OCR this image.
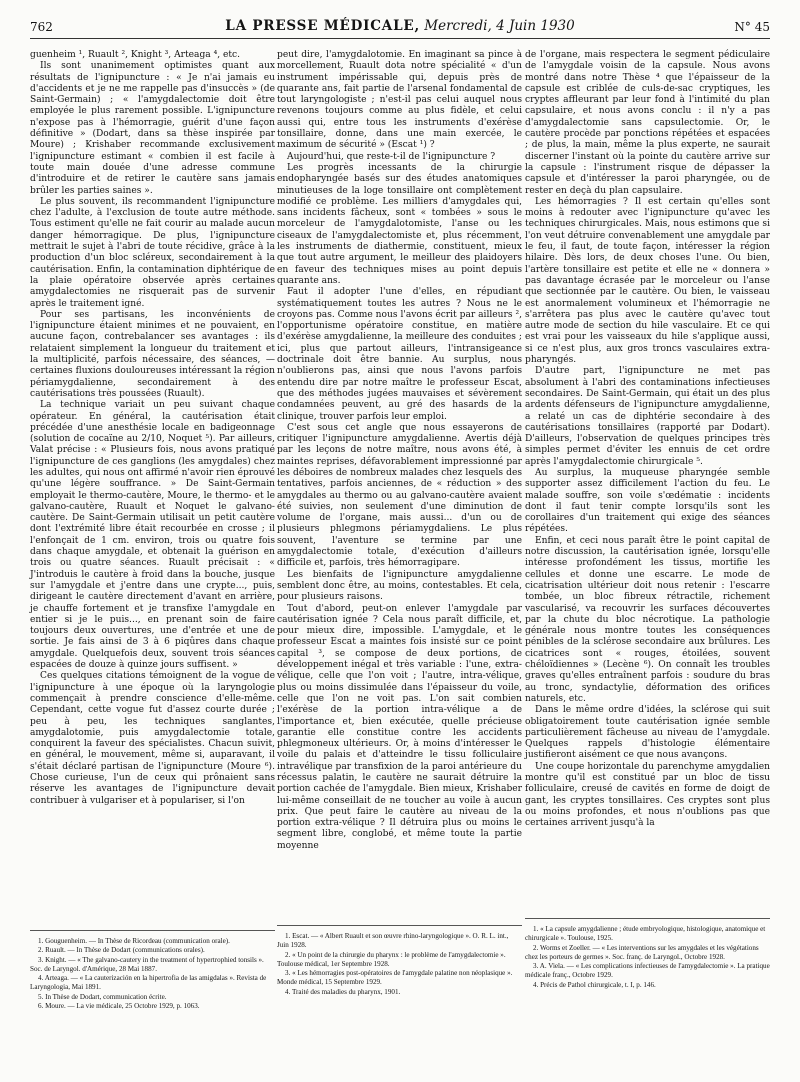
762	LA PRESSE MÉDICALE, Mercredi, 4 Juin 1930	N° 45

guenheim ¹, Ruault ², Knight ³, Arteaga ⁴, etc.

Ils sont unanimement optimistes quant aux résultats de l'ignipuncture : « Je n'ai jamais eu d'accidents et je ne me rappelle pas d'insuccès » (de Saint-Germain) ; « l'amygdalectomie doit être employée le plus rarement possible. L'ignipuncture n'expose pas à l'hémorragie, guérit d'une façon définitive » (Dodart, dans sa thèse inspirée par Moure) ; Krishaber recommande exclusivement l'ignipuncture estimant « combien il est facile à toute main douée d'une adresse commune d'introduire et de retirer le cautère sans jamais brûler les parties saines ».

Le plus souvent, ils recommandent l'ignipuncture chez l'adulte, à l'exclusion de toute autre méthode. Tous estiment qu'elle ne fait courir au malade aucun danger hémorragique. De plus, l'ignipuncture mettrait le sujet à l'abri de toute récidive, grâce à la production d'un bloc scléreux, secondairement à la cautérisation. Enfin, la contamination diphtérique de la plaie opératoire observée après certaines amygdalectomies ne risquerait pas de survenir après le traitement igné.

Pour ses partisans, les inconvénients de l'ignipuncture étaient minimes et ne pouvaient, en aucune façon, contrebalancer ses avantages : ils relataient simplement la longueur du traitement et la multiplicité, parfois nécessaire, des séances, — certaines fluxions douloureuses intéressant la région périamygdalienne, secondairement à des cautérisations très poussées (Ruault).

La technique variait un peu suivant chaque opérateur. En général, la cautérisation était précédée d'une anesthésie locale en badigeonnage (solution de cocaïne au 2/10, Noquet ⁵). Par ailleurs, Valat précise : « Plusieurs fois, nous avons pratiqué l'ignipuncture de ces ganglions (les amygdales) chez les adultes, qui nous ont affirmé n'avoir rien éprouvé qu'une légère souffrance. » De Saint-Germain employait le thermo-cautère, Moure, le thermo- et le galvano-cautère, Ruault et Noquet le galvano-cautère. De Saint-Germain utilisait un petit cautère dont l'extrémité libre était recourbée en crosse ; il l'enfonçait de 1 cm. environ, trois ou quatre fois dans chaque amygdale, et obtenait la guérison en trois ou quatre séances. Ruault précisait : « J'introduis le cautère à froid dans la bouche, jusque sur l'amygdale et j'entre dans une crypte..., puis, dirigeant le cautère directement d'avant en arrière, je chauffe fortement et je transfixe l'amygdale en entier si je le puis..., en prenant soin de faire toujours deux ouvertures, une d'entrée et une de sortie. Je fais ainsi de 3 à 6 piqûres dans chaque amygdale. Quelquefois deux, souvent trois séances espacées de douze à quinze jours suffisent. »

Ces quelques citations témoignent de la vogue de l'ignipuncture à une époque où la laryngologie commençait à prendre conscience d'elle-même. Cependant, cette vogue fut d'assez courte durée ; peu à peu, les techniques sanglantes, amygdalotomie, puis amygdalectomie totale, conquirent la faveur des spécialistes. Chacun suivit, en général, le mouvement, même si, auparavant, il s'était déclaré partisan de l'ignipuncture (Moure ⁶). Chose curieuse, l'un de ceux qui prônaient sans réserve les avantages de l'ignipuncture devait contribuer à vulgariser et à populariser, si l'on

peut dire, l'amygdalotomie. En imaginant sa pince à morcellement, Ruault dota notre spécialité « d'un instrument impérissable qui, depuis près de quarante ans, fait partie de l'arsenal fondamental de tout laryngologiste ; n'est-il pas celui auquel nous revenons toujours comme au plus fidèle, et celui aussi qui, entre tous les instruments d'exérèse tonsillaire, donne, dans une main exercée, le maximum de sécurité » (Escat ¹) ?

Aujourd'hui, que reste-t-il de l'ignipuncture ?

Les progrès incessants de la chirurgie endopharyngée basés sur des études anatomiques minutieuses de la loge tonsillaire ont complètement modifié ce problème. Les milliers d'amygdales qui, sans incidents fâcheux, sont « tombées » sous le morceleur de l'amygdalotomiste, l'anse ou les ciseaux de l'amygdalectomiste et, plus récemment, les instruments de diathermie, constituent, mieux que tout autre argument, le meilleur des plaidoyers en faveur des techniques mises au point depuis quarante ans.

Faut il adopter l'une d'elles, en répudiant systématiquement toutes les autres ? Nous ne le croyons pas. Comme nous l'avons écrit par ailleurs ², l'opportunisme opératoire constitue, en matière d'exérèse amygdalienne, la meilleure des conduites ; ici, plus que partout ailleurs, l'intransigeance doctrinale doit être bannie. Au surplus, nous n'oublierons pas, ainsi que nous l'avons parfois entendu dire par notre maître le professeur Escat, que des méthodes jugées mauvaises et sévèrement condamnées peuvent, au gré des hasards de la clinique, trouver parfois leur emploi.

C'est sous cet angle que nous essayerons de critiquer l'ignipuncture amygdalienne. Avertis déjà par les leçons de notre maître, nous avons été, à maintes reprises, défavorablement impressionné par les déboires de nombreux malades chez lesquels des tentatives, parfois anciennes, de « réduction » des amygdales au thermo ou au galvano-cautère avaient été suivies, non seulement d'une diminution de volume de l'organe, mais aussi... d'un ou de plusieurs phlegmons périamygdaliens. Le plus souvent, l'aventure se termine par une amygdalectomie totale, d'exécution d'ailleurs difficile et, parfois, très hémorragipare.

Les bienfaits de l'ignipuncture amygdalienne semblent donc être, au moins, contestables. Et cela, pour plusieurs raisons.

Tout d'abord, peut-on enlever l'amygdale par cautérisation ignée ? Cela nous paraît difficile, et, pour mieux dire, impossible. L'amygdale, et le professeur Escat a maintes fois insisté sur ce point capital ³, se compose de deux portions, de développement inégal et très variable : l'une, extra-vélique, celle que l'on voit ; l'autre, intra-vélique, plus ou moins dissimulée dans l'épaisseur du voile, celle que l'on ne voit pas. L'on sait combien l'exérèse de la portion intra-vélique a de l'importance et, bien exécutée, quelle précieuse garantie elle constitue contre les accidents phlegmoneux ultérieurs. Or, à moins d'intéresser le voile du palais et d'atteindre le tissu folliculaire intravélique par transfixion de la paroi antérieure du récessus palatin, le cautère ne saurait détruire la portion cachée de l'amygdale. Bien mieux, Krishaber lui-même conseillait de ne toucher au voile à aucun prix. Que peut faire le cautère au niveau de la portion extra-vélique ? Il détruira plus ou moins le segment libre, conglobé, et même toute la partie moyenne

de l'organe, mais respectera le segment pédiculaire de l'amygdale voisin de la capsule. Nous avons montré dans notre Thèse ⁴ que l'épaisseur de la capsule est criblée de culs-de-sac cryptiques, les cryptes affleurant par leur fond à l'intimité du plan capsulaire, et nous avons conclu : il n'y a pas d'amygdalectomie sans capsulectomie. Or, le cautère procède par ponctions répétées et espacées ; de plus, la main, même la plus experte, ne saurait discerner l'instant où la pointe du cautère arrive sur la capsule : l'instrument risque de dépasser la capsule et d'intéresser la paroi pharyngée, ou de rester en deçà du plan capsulaire.

Les hémorragies ? Il est certain qu'elles sont moins à redouter avec l'ignipuncture qu'avec les techniques chirurgicales. Mais, nous estimons que si l'on veut détruire convenablement une amygdale par le feu, il faut, de toute façon, intéresser la région hilaire. Dès lors, de deux choses l'une. Ou bien, l'artère tonsillaire est petite et elle ne « donnera » pas davantage écrasée par le morceleur ou l'anse que sectionnée par le cautère. Ou bien, le vaisseau est anormalement volumineux et l'hémorragie ne s'arrêtera pas plus avec le cautère qu'avec tout autre mode de section du hile vasculaire. Et ce qui est vrai pour les vaisseaux du hile s'applique aussi, si ce n'est plus, aux gros troncs vasculaires extra-pharyngés.

D'autre part, l'ignipuncture ne met pas absolument à l'abri des contaminations infectieuses secondaires. De Saint-Germain, qui était un des plus ardents défenseurs de l'ignipuncture amygdalienne, a relaté un cas de diphtérie secondaire à des cautérisations tonsillaires (rapporté par Dodart). D'ailleurs, l'observation de quelques principes très simples permet d'éviter les ennuis de cet ordre après l'amygdalectomie chirurgicale ⁵.

Au surplus, la muqueuse pharyngée semble supporter assez difficilement l'action du feu. Le malade souffre, son voile s'œdématie : incidents dont il faut tenir compte lorsqu'ils sont les corollaires d'un traitement qui exige des séances répétées.

Enfin, et ceci nous paraît être le point capital de notre discussion, la cautérisation ignée, lorsqu'elle intéresse profondément les tissus, mortifie les cellules et donne une escarre. Le mode de cicatrisation ultérieur doit nous retenir : l'escarre tombée, un bloc fibreux rétractile, richement vascularisé, va recouvrir les surfaces découvertes par la chute du bloc nécrotique. La pathologie générale nous montre toutes les conséquences pénibles de la sclérose secondaire aux brûlures. Les cicatrices sont « rouges, étoilées, souvent chéloïdiennes » (Lecène ⁶). On connaît les troubles graves qu'elles entraînent parfois : soudure du bras au tronc, syndactylie, déformation des orifices naturels, etc.

Dans le même ordre d'idées, la sclérose qui suit obligatoirement toute cautérisation ignée semble particulièrement fâcheuse au niveau de l'amygdale. Quelques rappels d'histologie élémentaire justifieront aisément ce que nous avançons.

Une coupe horizontale du parenchyme amygdalien montre qu'il est constitué par un bloc de tissu folliculaire, creusé de cavités en forme de doigt de gant, les cryptes tonsillaires. Ces cryptes sont plus ou moins profondes, et nous n'oublions pas que certaines arrivent jusqu'à la

1. Gouguenheim. — In Thèse de Ricordeau (communication orale).
2. Ruault. — In Thèse de Dodart (communications orales).
3. Knight. — « The galvano-cautery in the treatment of hypertrophied tonsils ». Soc. de Laryngol. d'Amérique, 28 Mai 1887.
4. Arteaga. — « La cauterización en la hipertrofia de las amigdalas ». Revista de Laryngologia, Mai 1891.
5. In Thèse de Dodart, communication écrite.
6. Moure. — La vie médicale, 25 Octobre 1929, p. 1063.
1. Escat. — « Albert Ruault et son œuvre rhino-laryngologique ». O. R. L. int., Juin 1928.
2. « Un point de la chirurgie du pharynx : le problème de l'amygdalectomie ». Toulouse médical, 1er Septembre 1928.
3. « Les hémorragies post-opératoires de l'amygdale palatine non néoplasique ». Monde médical, 15 Septembre 1929.
4. Traité des maladies du pharynx, 1901.
1. « La capsule amygdalienne ; étude embryologique, histologique, anatomique et chirurgicale ». Toulouse, 1925.
2. Worms et Zoeller. — « Les interventions sur les amygdales et les végétations chez les porteurs de germes ». Soc. franç. de Laryngol., Octobre 1928.
3. A. Viela. — « Les complications infectieuses de l'amygdalectomie ». La pratique médicale franç., Octobre 1929.
4. Précis de Pathol chirurgicale, t. I, p. 146.
